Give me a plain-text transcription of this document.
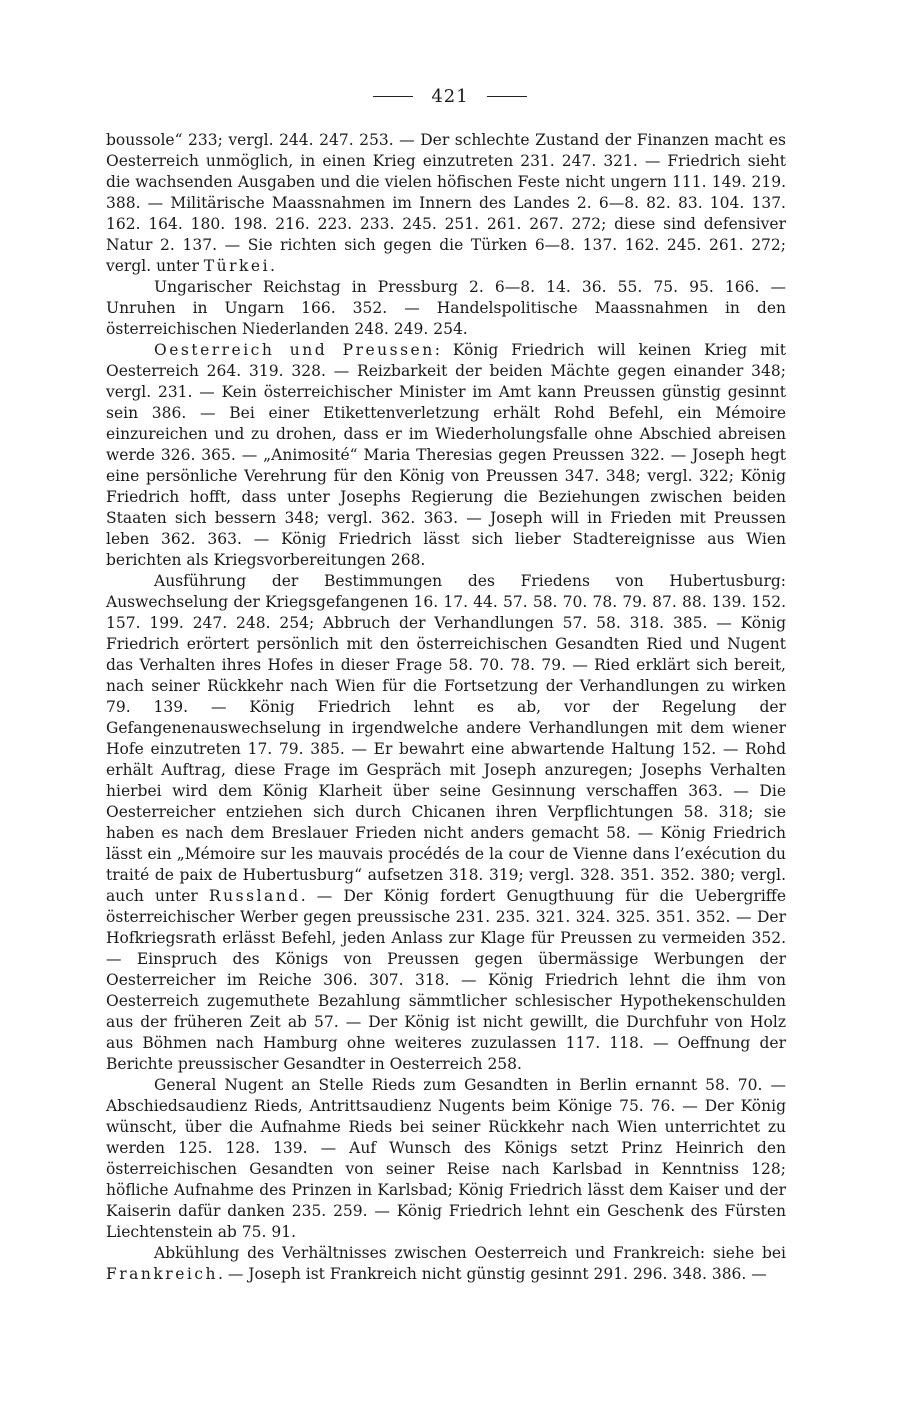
421

boussole“ 233; vergl. 244. 247. 253. — Der schlechte Zustand der Finanzen macht es Oesterreich unmöglich, in einen Krieg einzutreten 231. 247. 321. — Friedrich sieht die wachsenden Ausgaben und die vielen höfischen Feste nicht ungern 111. 149. 219. 388. — Militärische Maassnahmen im Innern des Landes 2. 6—8. 82. 83. 104. 137. 162. 164. 180. 198. 216. 223. 233. 245. 251. 261. 267. 272; diese sind defensiver Natur 2. 137. — Sie richten sich gegen die Türken 6—8. 137. 162. 245. 261. 272; vergl. unter Türkei.

Ungarischer Reichstag in Pressburg 2. 6—8. 14. 36. 55. 75. 95. 166. — Unruhen in Ungarn 166. 352. — Handelspolitische Maassnahmen in den österreichischen Niederlanden 248. 249. 254.

Oesterreich und Preussen: König Friedrich will keinen Krieg mit Oesterreich 264. 319. 328. — Reizbarkeit der beiden Mächte gegen einander 348; vergl. 231. — Kein österreichischer Minister im Amt kann Preussen günstig gesinnt sein 386. — Bei einer Etikettenverletzung erhält Rohd Befehl, ein Mémoire einzureichen und zu drohen, dass er im Wiederholungsfalle ohne Abschied abreisen werde 326. 365. — „Animosité“ Maria Theresias gegen Preussen 322. — Joseph hegt eine persönliche Verehrung für den König von Preussen 347. 348; vergl. 322; König Friedrich hofft, dass unter Josephs Regierung die Beziehungen zwischen beiden Staaten sich bessern 348; vergl. 362. 363. — Joseph will in Frieden mit Preussen leben 362. 363. — König Friedrich lässt sich lieber Stadtereignisse aus Wien berichten als Kriegsvorbereitungen 268.

Ausführung der Bestimmungen des Friedens von Hubertusburg: Auswechselung der Kriegsgefangenen 16. 17. 44. 57. 58. 70. 78. 79. 87. 88. 139. 152. 157. 199. 247. 248. 254; Abbruch der Verhandlungen 57. 58. 318. 385. — König Friedrich erörtert persönlich mit den österreichischen Gesandten Ried und Nugent das Verhalten ihres Hofes in dieser Frage 58. 70. 78. 79. — Ried erklärt sich bereit, nach seiner Rückkehr nach Wien für die Fortsetzung der Verhandlungen zu wirken 79. 139. — König Friedrich lehnt es ab, vor der Regelung der Gefangenenauswechselung in irgendwelche andere Verhandlungen mit dem wiener Hofe einzutreten 17. 79. 385. — Er bewahrt eine abwartende Haltung 152. — Rohd erhält Auftrag, diese Frage im Gespräch mit Joseph anzuregen; Josephs Verhalten hierbei wird dem König Klarheit über seine Gesinnung verschaffen 363. — Die Oesterreicher entziehen sich durch Chicanen ihren Verpflichtungen 58. 318; sie haben es nach dem Breslauer Frieden nicht anders gemacht 58. — König Friedrich lässt ein „Mémoire sur les mauvais procédés de la cour de Vienne dans l’exécution du traité de paix de Hubertusburg“ aufsetzen 318. 319; vergl. 328. 351. 352. 380; vergl. auch unter Russland. — Der König fordert Genugthuung für die Uebergriffe österreichischer Werber gegen preussische 231. 235. 321. 324. 325. 351. 352. — Der Hofkriegsrath erlässt Befehl, jeden Anlass zur Klage für Preussen zu vermeiden 352. — Einspruch des Königs von Preussen gegen übermässige Werbungen der Oesterreicher im Reiche 306. 307. 318. — König Friedrich lehnt die ihm von Oesterreich zugemuthete Bezahlung sämmtlicher schlesischer Hypothekenschulden aus der früheren Zeit ab 57. — Der König ist nicht gewillt, die Durchfuhr von Holz aus Böhmen nach Hamburg ohne weiteres zuzulassen 117. 118. — Oeffnung der Berichte preussischer Gesandter in Oesterreich 258.

General Nugent an Stelle Rieds zum Gesandten in Berlin ernannt 58. 70. — Abschiedsaudienz Rieds, Antrittsaudienz Nugents beim Könige 75. 76. — Der König wünscht, über die Aufnahme Rieds bei seiner Rückkehr nach Wien unterrichtet zu werden 125. 128. 139. — Auf Wunsch des Königs setzt Prinz Heinrich den österreichischen Gesandten von seiner Reise nach Karlsbad in Kenntniss 128; höfliche Aufnahme des Prinzen in Karlsbad; König Friedrich lässt dem Kaiser und der Kaiserin dafür danken 235. 259. — König Friedrich lehnt ein Geschenk des Fürsten Liechtenstein ab 75. 91.

Abkühlung des Verhältnisses zwischen Oesterreich und Frankreich: siehe bei Frankreich. — Joseph ist Frankreich nicht günstig gesinnt 291. 296. 348. 386. —
